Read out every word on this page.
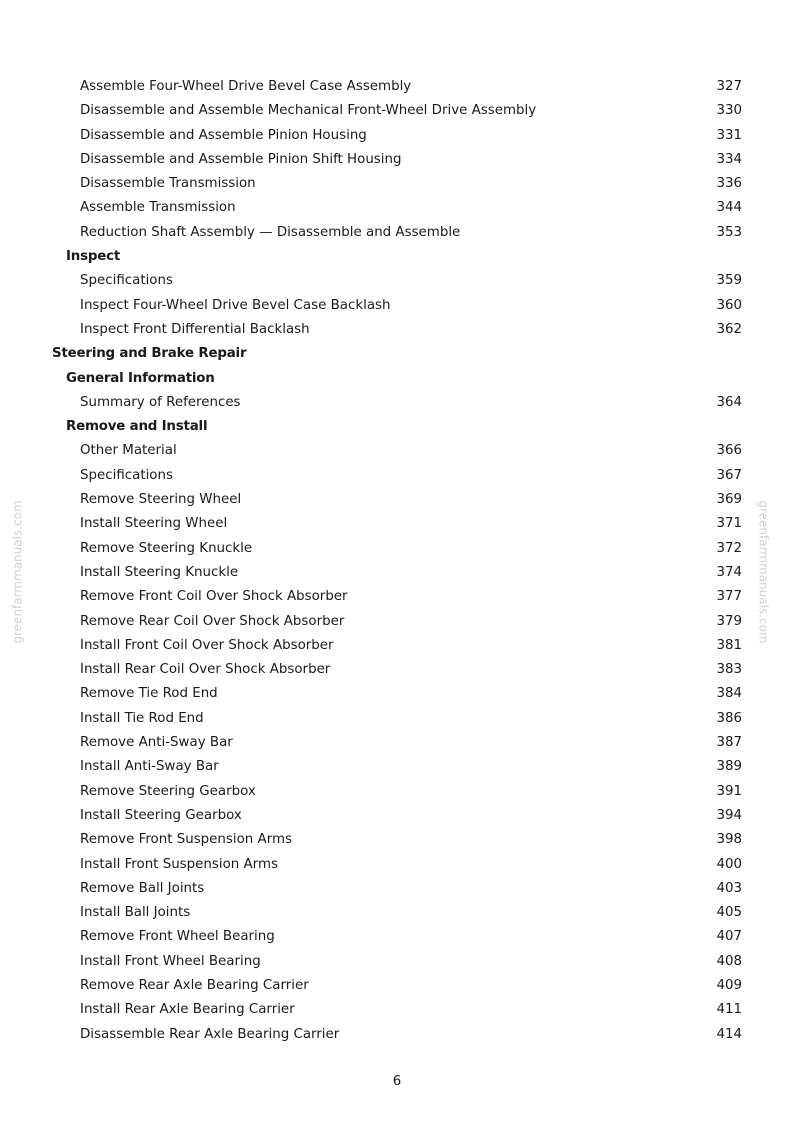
Assemble Four-Wheel Drive Bevel Case Assembly	327
Disassemble and Assemble Mechanical Front-Wheel Drive Assembly	330
Disassemble and Assemble Pinion Housing	331
Disassemble and Assemble Pinion Shift Housing	334
Disassemble Transmission	336
Assemble Transmission	344
Reduction Shaft Assembly — Disassemble and Assemble	353
Inspect
Specifications	359
Inspect Four-Wheel Drive Bevel Case Backlash	360
Inspect Front Differential Backlash	362
Steering and Brake Repair
General Information
Summary of References	364
Remove and Install
Other Material	366
Specifications	367
Remove Steering Wheel	369
Install Steering Wheel	371
Remove Steering Knuckle	372
Install Steering Knuckle	374
Remove Front Coil Over Shock Absorber	377
Remove Rear Coil Over Shock Absorber	379
Install Front Coil Over Shock Absorber	381
Install Rear Coil Over Shock Absorber	383
Remove Tie Rod End	384
Install Tie Rod End	386
Remove Anti-Sway Bar	387
Install Anti-Sway Bar	389
Remove Steering Gearbox	391
Install Steering Gearbox	394
Remove Front Suspension Arms	398
Install Front Suspension Arms	400
Remove Ball Joints	403
Install Ball Joints	405
Remove Front Wheel Bearing	407
Install Front Wheel Bearing	408
Remove Rear Axle Bearing Carrier	409
Install Rear Axle Bearing Carrier	411
Disassemble Rear Axle Bearing Carrier	414
greenfarmmanuals.com	greenfarmmanuals.com
6
